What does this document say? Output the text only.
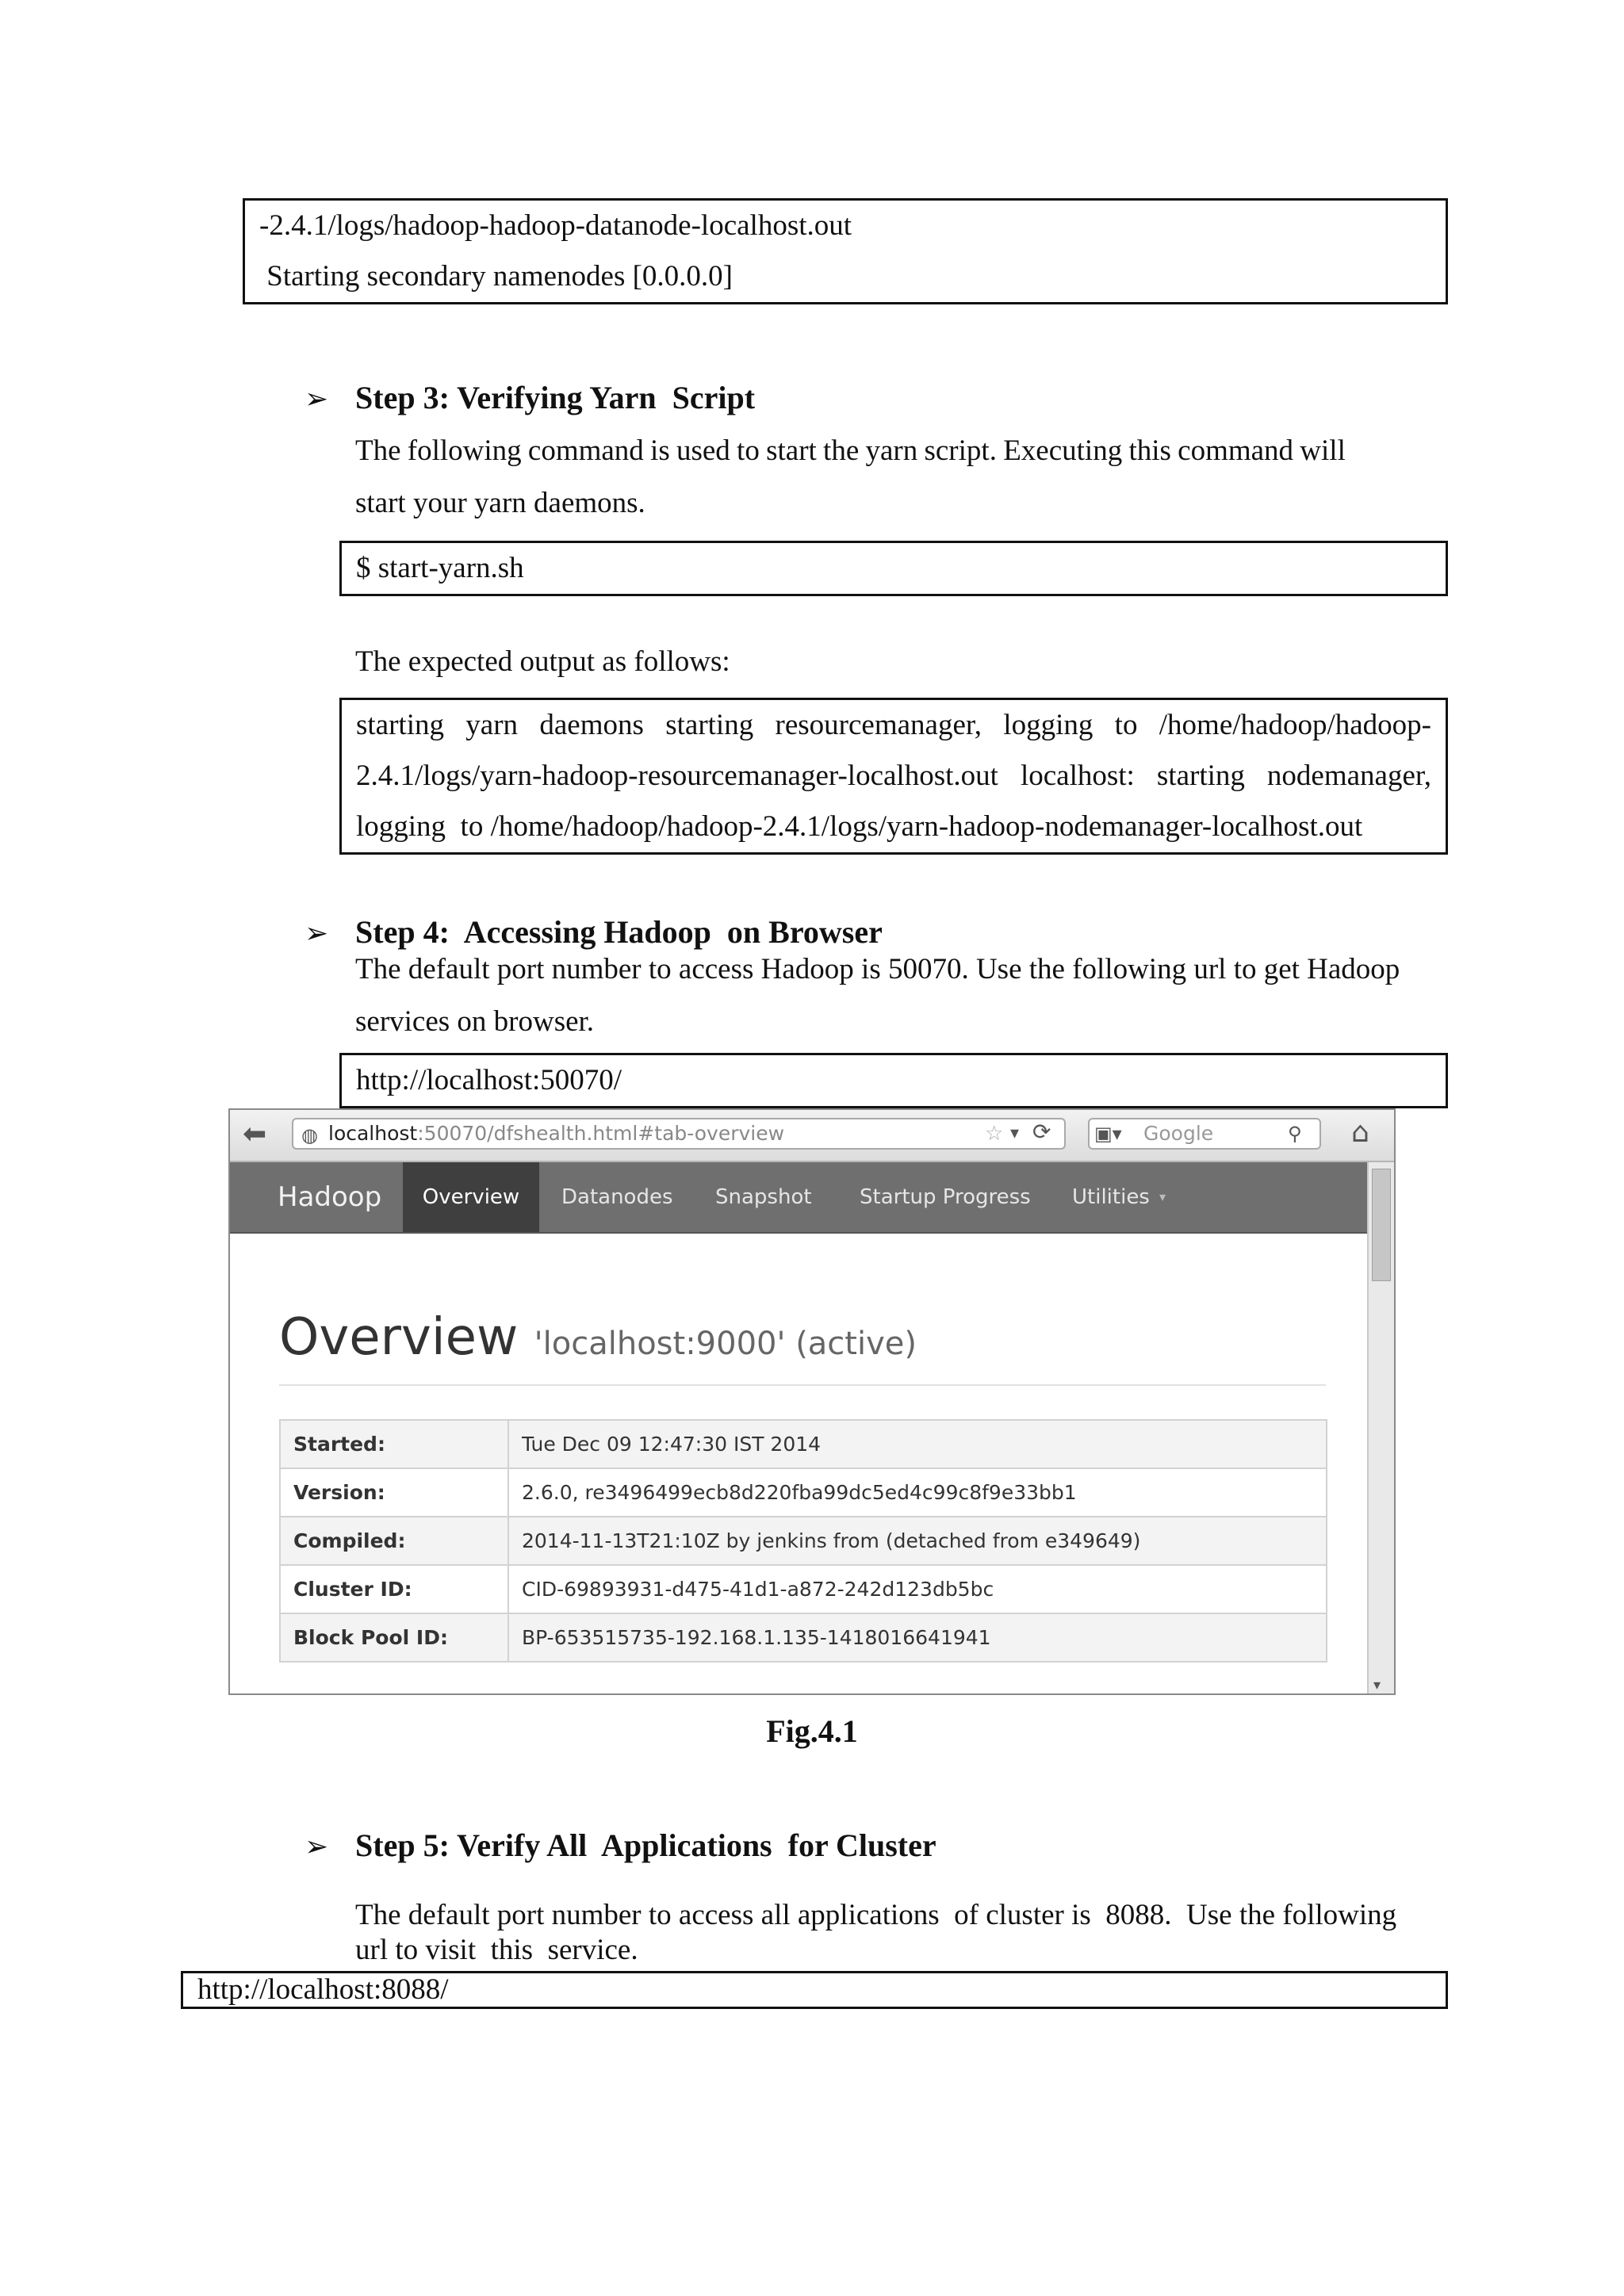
-2.4.1/logs/hadoop-hadoop-datanode-localhost.out
Starting secondary namenodes [0.0.0.0]
➢ Step 3: Verifying Yarn  Script
The following command is used to start the yarn script. Executing this command will
start your yarn daemons.
$ start-yarn.sh
The expected output as follows:
starting yarn daemons starting resourcemanager, logging to /home/hadoop/hadoop-
2.4.1/logs/yarn-hadoop-resourcemanager-localhost.out localhost: starting nodemanager,
logging  to /home/hadoop/hadoop-2.4.1/logs/yarn-hadoop-nodemanager-localhost.out
➢ Step 4:  Accessing Hadoop  on Browser
The default port number to access Hadoop is 50070. Use the following url to get Hadoop
services on browser.
http://localhost:50070/
⬅ ◍ localhost:50070/dfshealth.html#tab-overview	☆ ▾ ⟳ ▣▾ Google	⚲ ⌂
Hadoop	Overview	Datanodes Snapshot Startup Progress Utilities ▾
▾
Overview 'localhost:9000' (active)
Started:	Tue Dec 09 12:47:30 IST 2014
Version:	2.6.0, re3496499ecb8d220fba99dc5ed4c99c8f9e33bb1
Compiled:	2014-11-13T21:10Z by jenkins from (detached from e349649)
Cluster ID:	CID-69893931-d475-41d1-a872-242d123db5bc
Block Pool ID:	BP-653515735-192.168.1.135-1418016641941
Fig.4.1
➢ Step 5: Verify All  Applications  for Cluster
The default port number to access all applications  of cluster is  8088.  Use the following
url to visit  this  service.
http://localhost:8088/
